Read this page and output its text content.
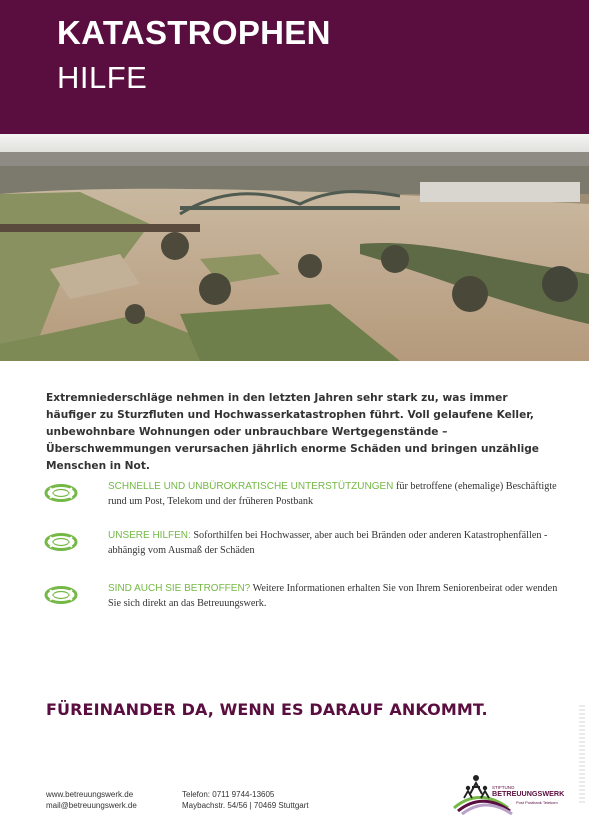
KATASTROPHEN
HILFE
Extremniederschläge nehmen in den letzten Jahren sehr stark zu, was immer häufiger zu Sturzfluten und Hochwasserkatastrophen führt. Voll gelaufene Keller, unbewohnbare Wohnungen oder unbrauchbare Wertgegenstände – Überschwemmungen verursachen jährlich enorme Schäden und bringen unzählige Menschen in Not.
SCHNELLE UND UNBÜROKRATISCHE UNTERSTÜTZUNGEN für betroffene (ehemalige) Beschäftigte rund um Post, Telekom und der früheren Postbank
UNSERE HILFEN: Soforthilfen bei Hochwasser, aber auch bei Bränden oder anderen Katastrophenfällen - abhängig vom Ausmaß der Schäden
SIND AUCH SIE BETROFFEN? Weitere Informationen erhalten Sie von Ihrem Seniorenbeirat oder wenden Sie sich direkt an das Betreuungswerk.
FÜREINANDER DA, WENN ES DARAUF ANKOMMT.
www.betreuungswerk.de
mail@betreuungswerk.de
Telefon: 0711 9744-13605
Maybachstr. 54/56 | 70469 Stuttgart
STIFTUNG
BETREUUNGSWERK
Post Postbank Telekom
